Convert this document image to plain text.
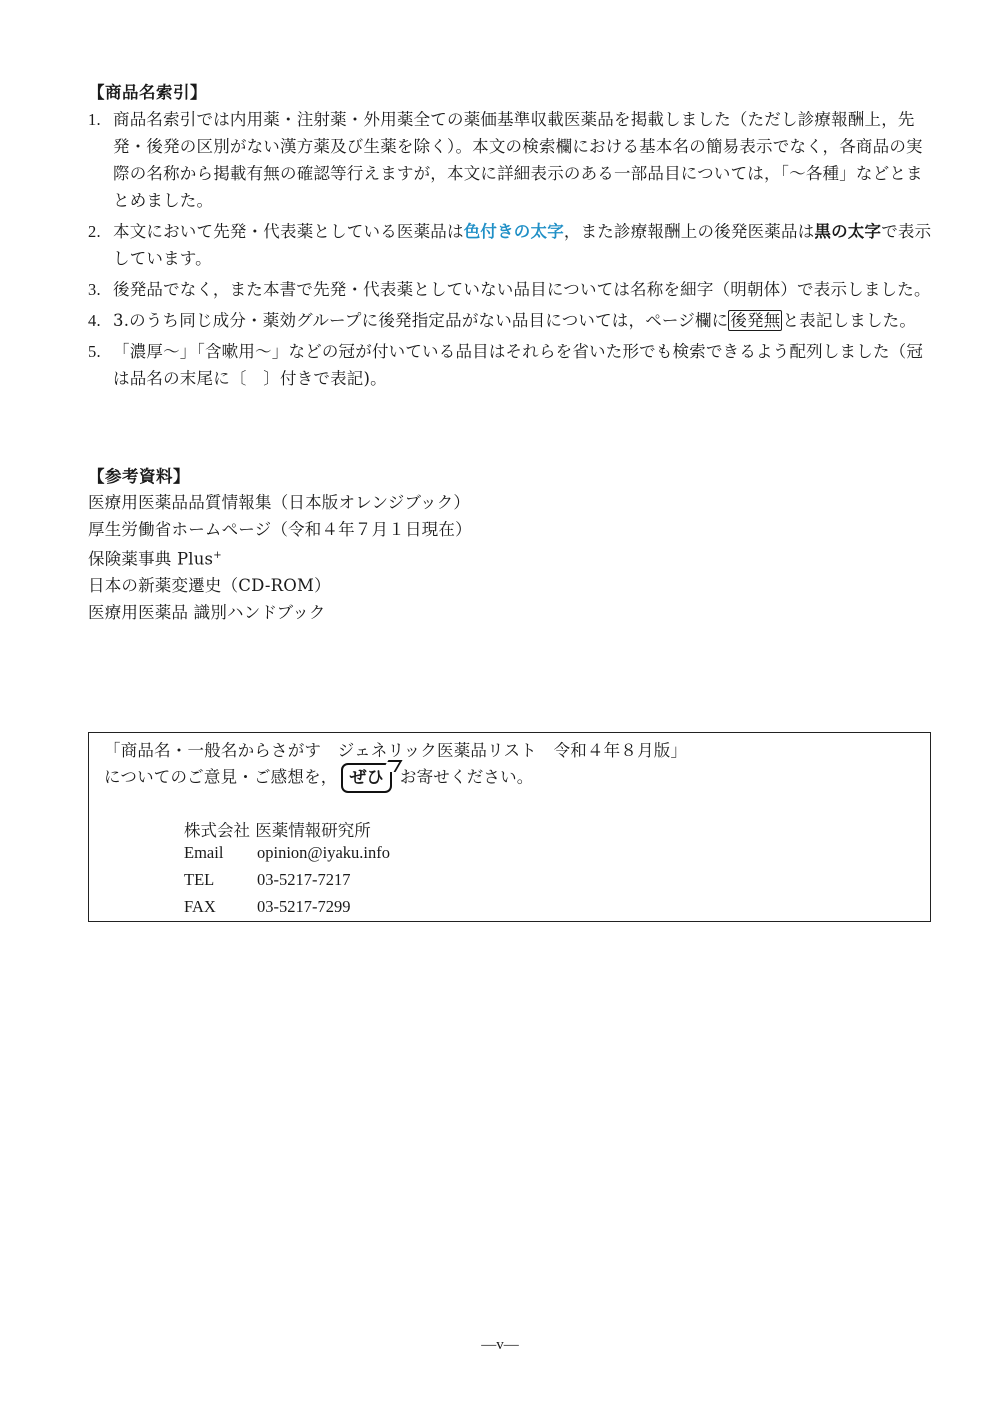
【商品名索引】
1. 商品名索引では内用薬・注射薬・外用薬全ての薬価基準収載医薬品を掲載しました（ただし診療報酬上，先発・後発の区別がない漢方薬及び生薬を除く）。本文の検索欄における基本名の簡易表示でなく，各商品の実際の名称から掲載有無の確認等行えますが，本文に詳細表示のある一部品目については，「～各種」などとまとめました。
2. 本文において先発・代表薬としている医薬品は色付きの太字，また診療報酬上の後発医薬品は黒の太字で表示しています。
3. 後発品でなく，また本書で先発・代表薬としていない品目については名称を細字（明朝体）で表示しました。
4. 3.のうち同じ成分・薬効グループに後発指定品がない品目については，ページ欄に 後発無 と表記しました。
5. 「濃厚～」「含嗽用～」などの冠が付いている品目はそれらを省いた形でも検索できるよう配列しました（冠は品名の末尾に〔　〕付きで表記)。
【参考資料】
医療用医薬品品質情報集（日本版オレンジブック）
厚生労働省ホームページ（令和４年７月１日現在）
保険薬事典 Plus+
日本の新薬変遷史（CD-ROM）
医療用医薬品 識別ハンドブック
「商品名・一般名からさがす　ジェネリック医薬品リスト　令和４年８月版」
についてのご意見・ご感想を， ぜひ お寄せください。
株式会社 医薬情報研究所
Email opinion@iyaku.info
TEL	03-5217-7217
FAX 03-5217-7299
―v―
